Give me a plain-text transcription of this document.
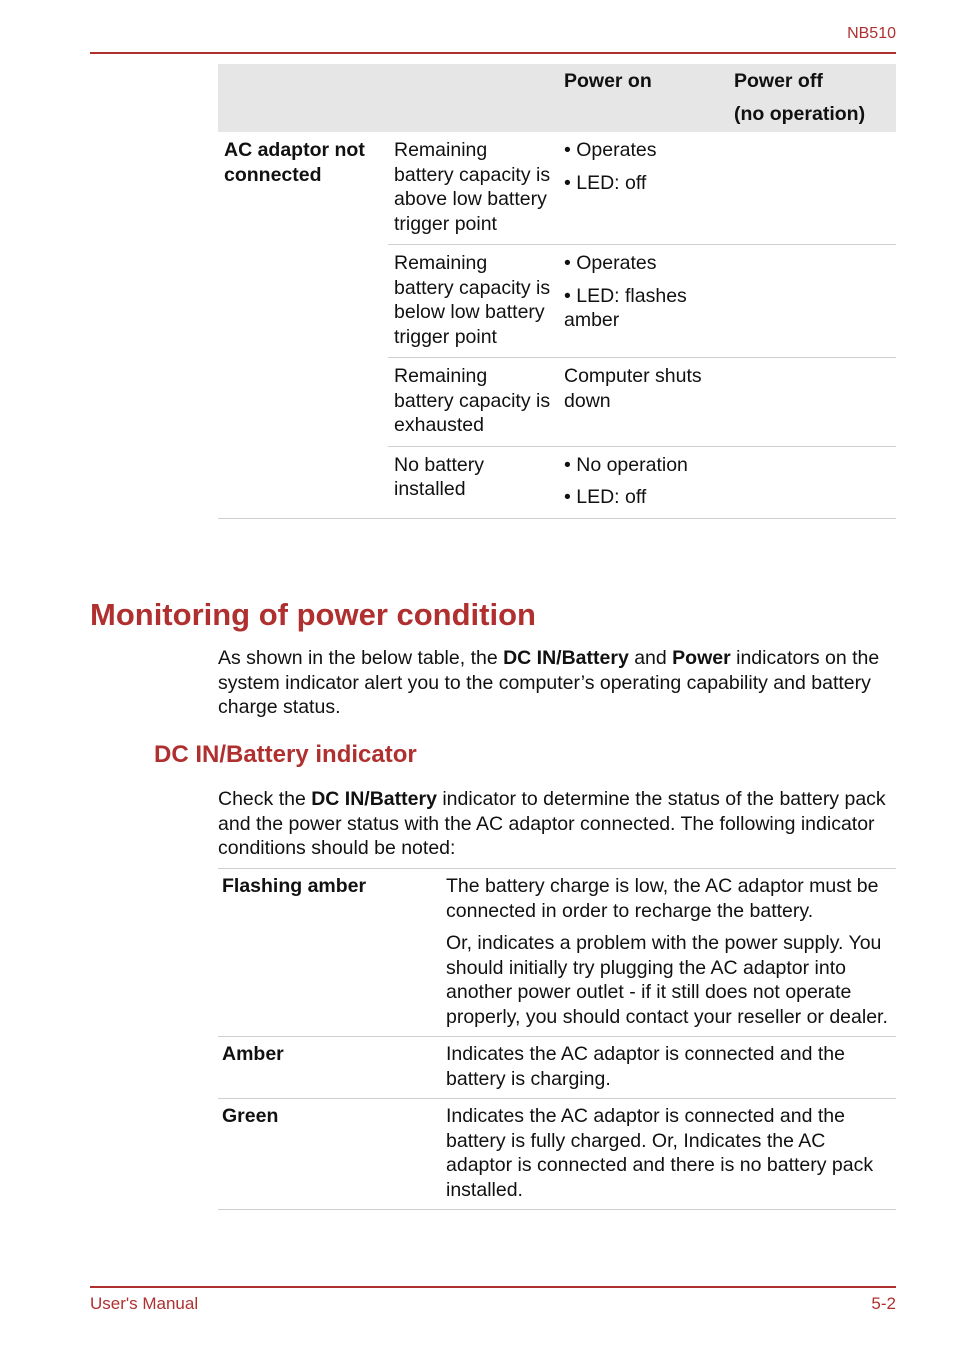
NB510
		Power on	Power off
(no operation)

AC adaptor not connected	Remaining battery capacity is above low battery trigger point	• Operates
• LED: off	

	Remaining battery capacity is below low battery trigger point	• Operates
• LED: flashes amber	

	Remaining battery capacity is exhausted	Computer shuts down	

	No battery installed	• No operation
• LED: off	

Monitoring of power condition

As shown in the below table, the DC IN/Battery and Power indicators on the system indicator alert you to the computer’s operating capability and battery charge status.

DC IN/Battery indicator

Check the DC IN/Battery indicator to determine the status of the battery pack and the power status with the AC adaptor connected. The following indicator conditions should be noted:

Flashing amber	The battery charge is low, the AC adaptor must be connected in order to recharge the battery.
Or, indicates a problem with the power supply. You should initially try plugging the AC adaptor into another power outlet - if it still does not operate properly, you should contact your reseller or dealer.

Amber	Indicates the AC adaptor is connected and the battery is charging.

Green	Indicates the AC adaptor is connected and the battery is fully charged. Or, Indicates the AC adaptor is connected and there is no battery pack installed.
User's Manual	5-2
